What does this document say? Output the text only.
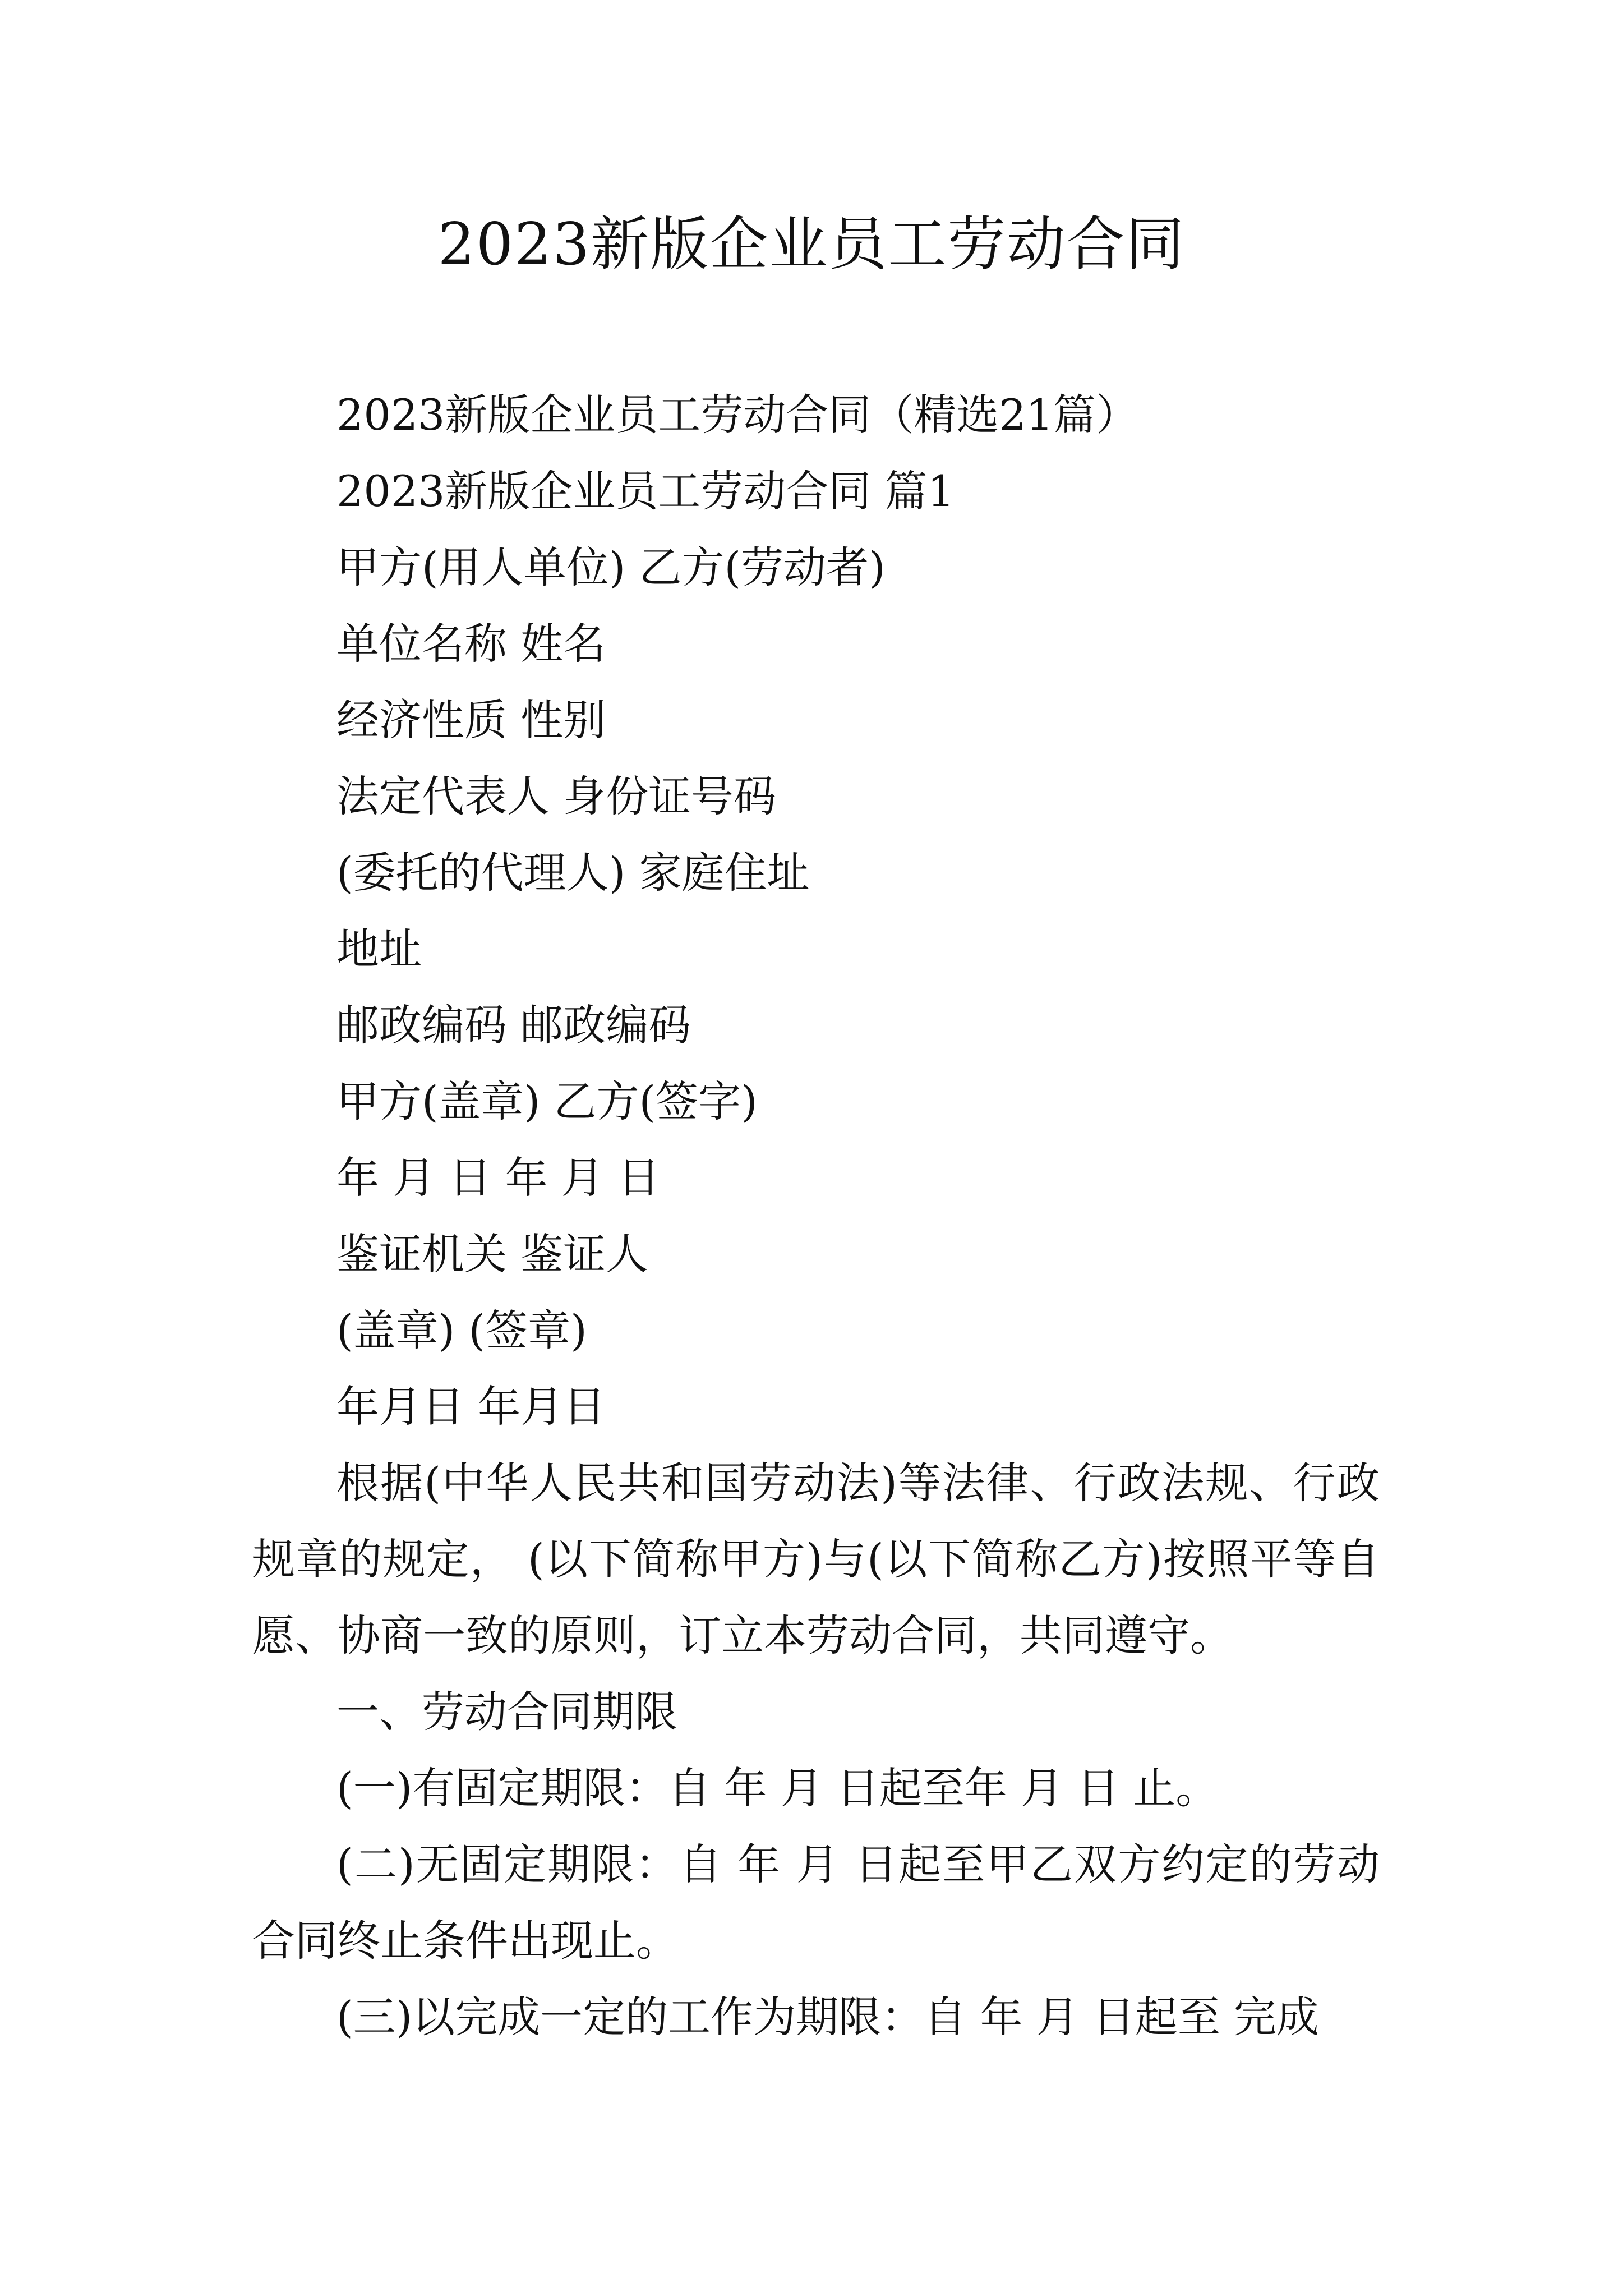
2023新版企业员工劳动合同

2023新版企业员工劳动合同（精选21篇）

2023新版企业员工劳动合同 篇1

甲方(用人单位) 乙方(劳动者)

单位名称 姓名

经济性质 性别

法定代表人 身份证号码

(委托的代理人) 家庭住址

地址

邮政编码 邮政编码

甲方(盖章) 乙方(签字)

年 月 日 年 月 日

鉴证机关 鉴证人

(盖章) (签章)

年月日 年月日

根据(中华人民共和国劳动法)等法律、行政法规、行政规章的规定， (以下简称甲方)与(以下简称乙方)按照平等自愿、协商一致的原则，订立本劳动合同，共同遵守。

一、劳动合同期限

(一)有固定期限：自 年 月 日起至年 月 日 止。

(二)无固定期限：自 年 月 日起至甲乙双方约定的劳动合同终止条件出现止。

(三)以完成一定的工作为期限：自 年 月 日起至 完成
